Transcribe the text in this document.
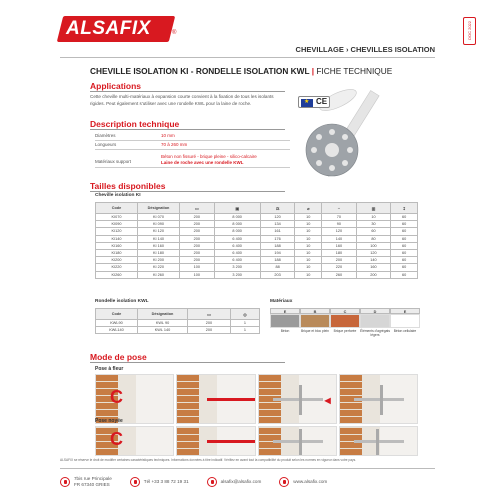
ALSAFIX	®	DOC 2022
CHEVILLAGE › CHEVILLES ISOLATION
CHEVILLE ISOLATION KI - RONDELLE ISOLATION KWL | FICHE TECHNIQUE
Applications
Cette cheville multi-matériaux à expansion courte convient à la fixation de tous les isolants rigides. Peut également s'utiliser avec une rondelle KWL pour la laine de roche.
Description technique
Diamètres	10 mm
Longueurs	70 à 260 mm
Matériaux support
Béton non fissuré - brique pleine - silico-calcaire
Laine de roche avec une rondelle KWL
★
CE
Tailles disponibles
Cheville isolation KI
Code	Désignation	▭	▣	⚖	⌀	↔	▥	↧
KI070	KI 070	200	8 000	120	10	70	10	60
KI090	KI 090	200	8 000	134	10	90	30	60
KI120	KI 120	200	8 000	161	10	120	60	60
KI140	KI 140	200	6 400	176	10	140	80	60
KI160	KI 160	200	6 400	188	10	160	100	60
KI180	KI 180	200	6 400	194	10	180	120	60
KI200	KI 200	200	6 400	188	10	200	140	60
KI220	KI 220	100	3 200	88	10	220	160	60
KI260	KI 260	100	3 200	203	10	260	200	60
Rondelle isolation KWL
Code	Désignation	▭	◎
KWL90	KWL 90	200	1
KWL140	KWL 140	200	1
Matériaux
E	B	C	D	E
Béton	Brique et bloc plein	Brique perforée	Éléments d'agrégats légers
Béton cellulaire
Mode de pose
Pose à fleur
C	◀
Pose noyée
C
ALSAFIX se réserve le droit de modifier certaines caractéristiques techniques. Informations données à titre indicatif. Vérifiez en avant tout la compatibilité du produit selon les normes en vigueur dans votre pays.
7bis rue Principale
FR 67340 GRIES	Tél +33 3 88 72 19 31	alsafix@alsafix.com	www.alsafix.com
